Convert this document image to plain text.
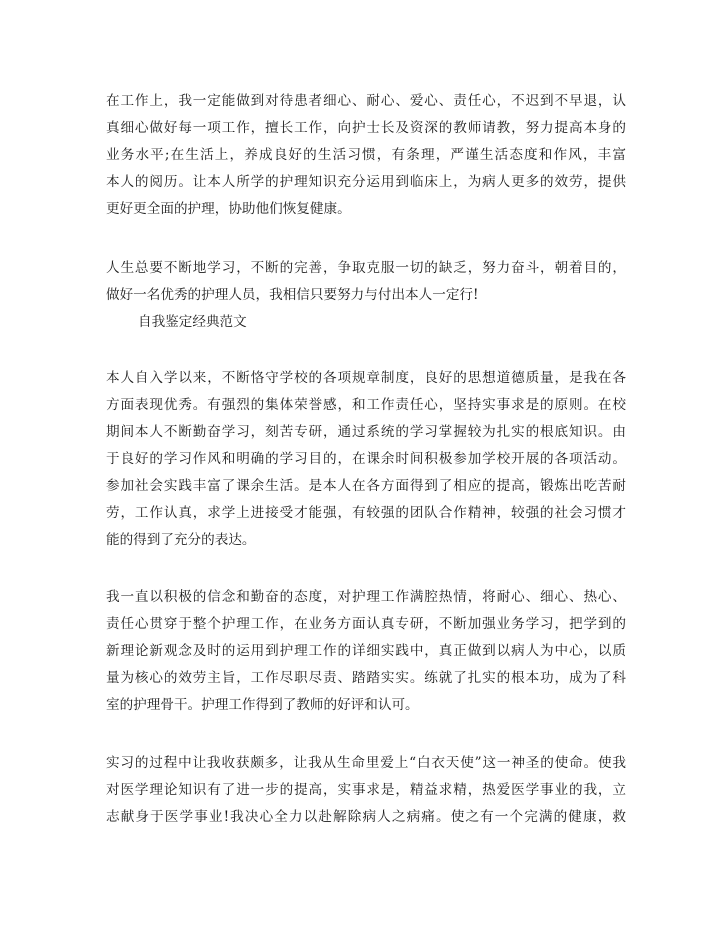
在工作上，我一定能做到对待患者细心、耐心、爱心、责任心，不迟到不早退，认
真细心做好每一项工作，擅长工作，向护士长及资深的教师请教，努力提高本身的
业务水平;在生活上，养成良好的生活习惯，有条理，严谨生活态度和作风，丰富
本人的阅历。让本人所学的护理知识充分运用到临床上，为病人更多的效劳，提供
更好更全面的护理，协助他们恢复健康。
人生总要不断地学习，不断的完善，争取克服一切的缺乏，努力奋斗，朝着目的，
做好一名优秀的护理人员，我相信只要努力与付出本人一定行!
自我鉴定经典范文
本人自入学以来，不断恪守学校的各项规章制度，良好的思想道德质量，是我在各
方面表现优秀。有强烈的集体荣誉感，和工作责任心，坚持实事求是的原则。在校
期间本人不断勤奋学习，刻苦专研，通过系统的学习掌握较为扎实的根底知识。由
于良好的学习作风和明确的学习目的，在课余时间积极参加学校开展的各项活动。
参加社会实践丰富了课余生活。是本人在各方面得到了相应的提高，锻炼出吃苦耐
劳，工作认真，求学上进接受才能强，有较强的团队合作精神，较强的社会习惯才
能的得到了充分的表达。
我一直以积极的信念和勤奋的态度，对护理工作满腔热情，将耐心、细心、热心、
责任心贯穿于整个护理工作，在业务方面认真专研，不断加强业务学习，把学到的
新理论新观念及时的运用到护理工作的详细实践中，真正做到以病人为中心，以质
量为核心的效劳主旨，工作尽职尽责、踏踏实实。练就了扎实的根本功，成为了科
室的护理骨干。护理工作得到了教师的好评和认可。
实习的过程中让我收获颇多，让我从生命里爱上“白衣天使”这一神圣的使命。使我
对医学理论知识有了进一步的提高，实事求是，精益求精，热爱医学事业的我，立
志献身于医学事业!我决心全力以赴解除病人之病痛。使之有一个完满的健康，救
